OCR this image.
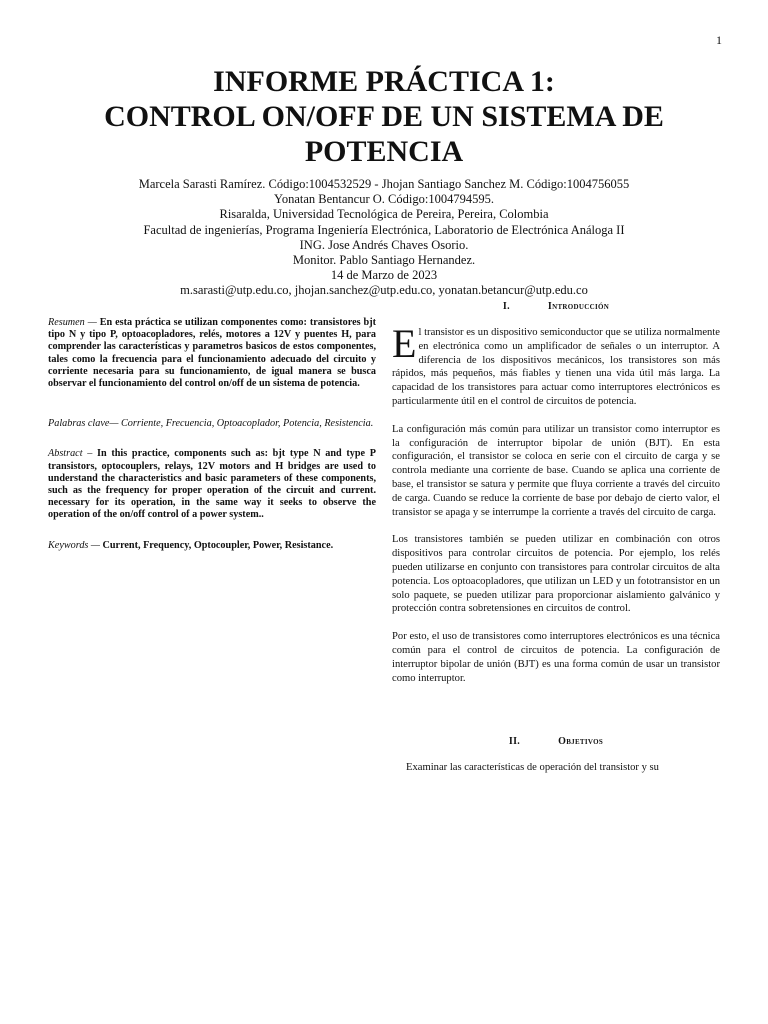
1
INFORME PRÁCTICA 1:
CONTROL ON/OFF DE UN SISTEMA DE
POTENCIA
Marcela Sarasti Ramírez. Código:1004532529 - Jhojan Santiago Sanchez M. Código:1004756055
Yonatan Bentancur O. Código:1004794595.
Risaralda, Universidad Tecnológica de Pereira, Pereira, Colombia
Facultad de ingenierías, Programa Ingeniería Electrónica, Laboratorio de Electrónica Análoga II
ING. Jose Andrés Chaves Osorio.
Monitor. Pablo Santiago Hernandez.
14 de Marzo de 2023
m.sarasti@utp.edu.co, jhojan.sanchez@utp.edu.co, yonatan.betancur@utp.edu.co

Resumen — En esta práctica se utilizan componentes como: transistores bjt tipo N y tipo P, optoacopladores, relés, motores a 12V y puentes H, para comprender las características y parametros basicos de estos componentes, tales como la frecuencia para el funcionamiento adecuado del circuito y corriente necesaria para su funcionamiento, de igual manera se busca observar el funcionamiento del control on/off de un sistema de potencia.

Palabras clave— Corriente, Frecuencia, Optoacoplador, Potencia, Resistencia.

Abstract – In this practice, components such as: bjt type N and type P transistors, optocouplers, relays, 12V motors and H bridges are used to understand the characteristics and basic parameters of these components, such as the frequency for proper operation of the circuit and current. necessary for its operation, in the same way it seeks to observe the operation of the on/off control of a power system..

Keywords — Current, Frequency, Optocoupler, Power, Resistance.

I.	Introducción

El transistor es un dispositivo semiconductor que se utiliza normalmente en electrónica como un amplificador de señales o un interruptor. A diferencia de los dispositivos mecánicos, los transistores son más rápidos, más pequeños, más fiables y tienen una vida útil más larga. La capacidad de los transistores para actuar como interruptores electrónicos es particularmente útil en el control de circuitos de potencia.

La configuración más común para utilizar un transistor como interruptor es la configuración de interruptor bipolar de unión (BJT). En esta configuración, el transistor se coloca en serie con el circuito de carga y se controla mediante una corriente de base. Cuando se aplica una corriente de base, el transistor se satura y permite que fluya corriente a través del circuito de carga. Cuando se reduce la corriente de base por debajo de cierto valor, el transistor se apaga y se interrumpe la corriente a través del circuito de carga.

Los transistores también se pueden utilizar en combinación con otros dispositivos para controlar circuitos de potencia. Por ejemplo, los relés pueden utilizarse en conjunto con transistores para controlar circuitos de alta potencia. Los optoacopladores, que utilizan un LED y un fototransistor en un solo paquete, se pueden utilizar para proporcionar aislamiento galvánico y protección contra sobretensiones en circuitos de control.

Por esto, el uso de transistores como interruptores electrónicos es una técnica común para el control de circuitos de potencia. La configuración de interruptor bipolar de unión (BJT) es una forma común de usar un transistor como interruptor.

II.	Objetivos

Examinar las características de operación del transistor y su
